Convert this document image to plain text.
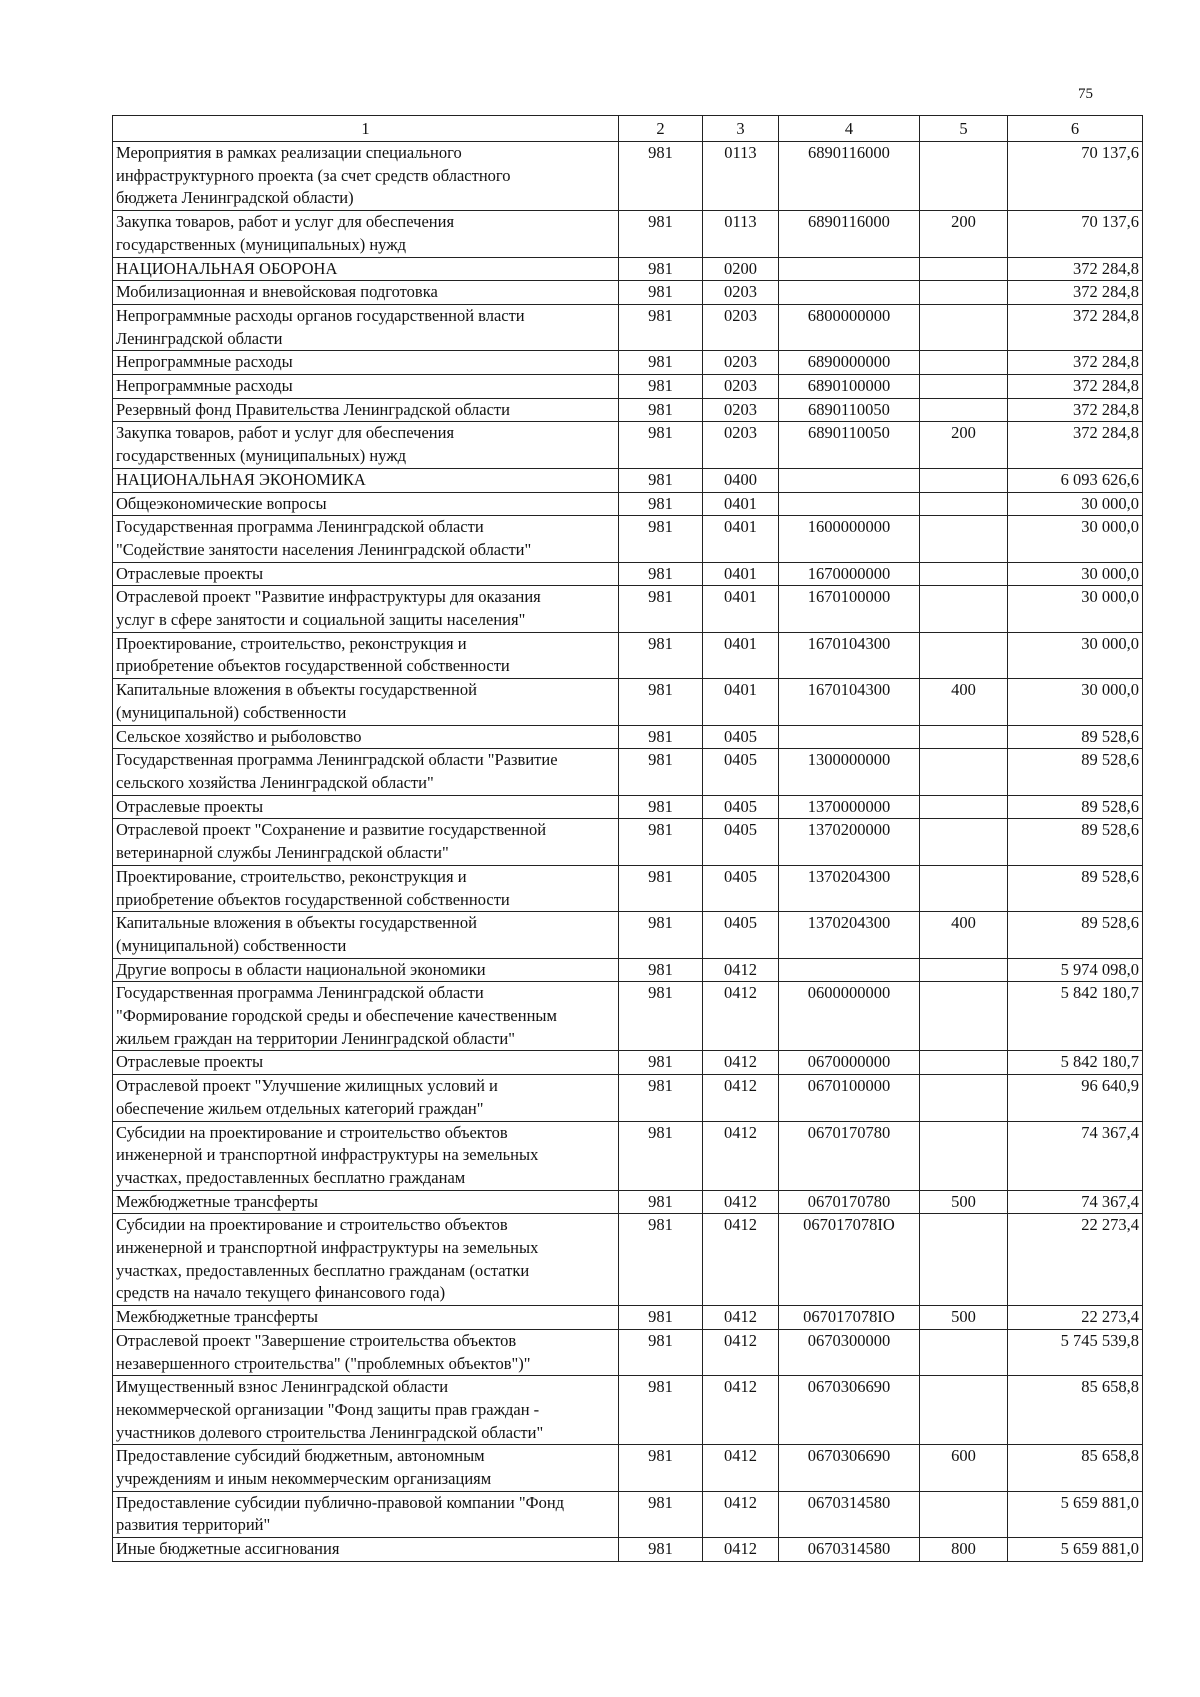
75
1	2	3	4	5	6
Мероприятия в рамках реализации специального
инфраструктурного проекта (за счет средств областного
бюджета Ленинградской области)	981	0113	6890116000		70 137,6
Закупка товаров, работ и услуг для обеспечения
государственных (муниципальных) нужд	981	0113	6890116000	200	70 137,6
НАЦИОНАЛЬНАЯ ОБОРОНА	981	0200			372 284,8
Мобилизационная и вневойсковая подготовка	981	0203			372 284,8
Непрограммные расходы органов государственной власти
Ленинградской области	981	0203	6800000000		372 284,8
Непрограммные расходы	981	0203	6890000000		372 284,8
Непрограммные расходы	981	0203	6890100000		372 284,8
Резервный фонд Правительства Ленинградской области	981	0203	6890110050		372 284,8
Закупка товаров, работ и услуг для обеспечения
государственных (муниципальных) нужд	981	0203	6890110050	200	372 284,8
НАЦИОНАЛЬНАЯ ЭКОНОМИКА	981	0400			6 093 626,6
Общеэкономические вопросы	981	0401			30 000,0
Государственная программа Ленинградской области
"Содействие занятости населения Ленинградской области"	981	0401	1600000000		30 000,0
Отраслевые проекты	981	0401	1670000000		30 000,0
Отраслевой проект "Развитие инфраструктуры для оказания
услуг в сфере занятости и социальной защиты населения"	981	0401	1670100000		30 000,0
Проектирование, строительство, реконструкция и
приобретение объектов государственной собственности	981	0401	1670104300		30 000,0
Капитальные вложения в объекты государственной
(муниципальной) собственности	981	0401	1670104300	400	30 000,0
Сельское хозяйство и рыболовство	981	0405			89 528,6
Государственная программа Ленинградской области "Развитие
сельского хозяйства Ленинградской области"	981	0405	1300000000		89 528,6
Отраслевые проекты	981	0405	1370000000		89 528,6
Отраслевой проект "Сохранение и развитие государственной
ветеринарной службы Ленинградской области"	981	0405	1370200000		89 528,6
Проектирование, строительство, реконструкция и
приобретение объектов государственной собственности	981	0405	1370204300		89 528,6
Капитальные вложения в объекты государственной
(муниципальной) собственности	981	0405	1370204300	400	89 528,6
Другие вопросы в области национальной экономики	981	0412			5 974 098,0
Государственная программа Ленинградской области
"Формирование городской среды и обеспечение качественным
жильем граждан на территории Ленинградской области"	981	0412	0600000000		5 842 180,7
Отраслевые проекты	981	0412	0670000000		5 842 180,7
Отраслевой проект "Улучшение жилищных условий и
обеспечение жильем отдельных категорий граждан"	981	0412	0670100000		96 640,9
Субсидии на проектирование и строительство объектов
инженерной и транспортной инфраструктуры на земельных
участках, предоставленных бесплатно гражданам	981	0412	0670170780		74 367,4
Межбюджетные трансферты	981	0412	0670170780	500	74 367,4
Субсидии на проектирование и строительство объектов
инженерной и транспортной инфраструктуры на земельных
участках, предоставленных бесплатно гражданам (остатки
средств на начало текущего финансового года)	981	0412	067017078IO		22 273,4
Межбюджетные трансферты	981	0412	067017078IO	500	22 273,4
Отраслевой проект "Завершение строительства объектов
незавершенного строительства" ("проблемных объектов")"	981	0412	0670300000		5 745 539,8
Имущественный взнос Ленинградской области
некоммерческой организации "Фонд защиты прав граждан -
участников долевого строительства Ленинградской области"	981	0412	0670306690		85 658,8
Предоставление субсидий бюджетным, автономным
учреждениям и иным некоммерческим организациям	981	0412	0670306690	600	85 658,8
Предоставление субсидии публично-правовой компании "Фонд
развития территорий"	981	0412	0670314580		5 659 881,0
Иные бюджетные ассигнования	981	0412	0670314580	800	5 659 881,0
